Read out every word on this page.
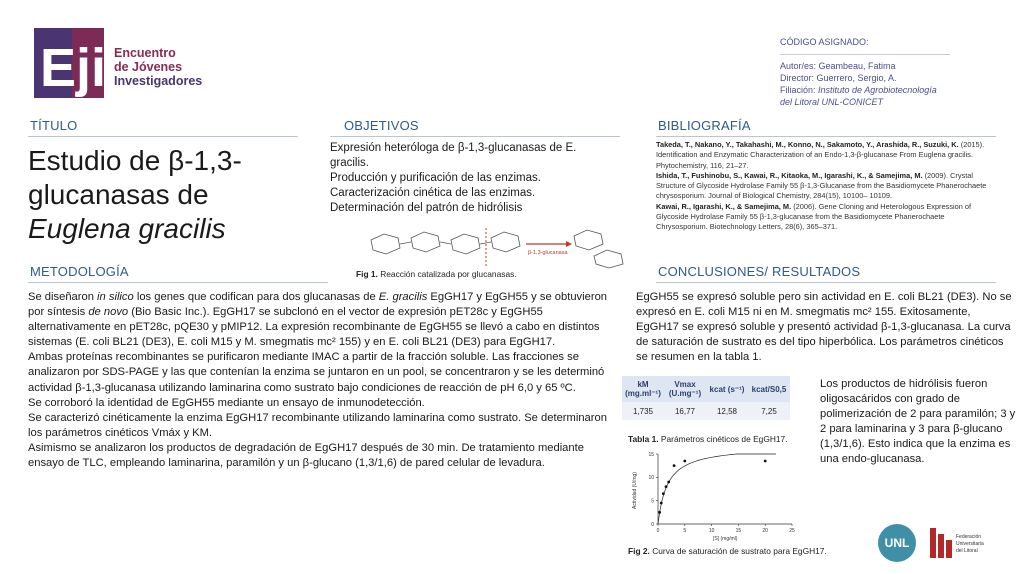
Eji Encuentro
de Jóvenes
Investigadores
CÓDIGO ASIGNADO:
Autor/es: Geambeau, Fatima
Director: Guerrero, Sergio, A.
Filiación: Instituto de Agrobiotecnología del Litoral UNL-CONICET
TÍTULO	OBJETIVOS	BIBLIOGRAFÍA
METODOLOGÍA	CONCLUSIONES/ RESULTADOS
Estudio de β-1,3-
glucanasas de
Euglena gracilis

Expresión heteróloga de β-1,3-glucanasas de E. gracilis.

Producción y purificación de las enzimas.

Caracterización cinética de las enzimas.

Determinación del patrón de hidrólisis

β-1,3-glucanasa
Fig 1. Reacción catalizada por glucanasas.

Takeda, T., Nakano, Y., Takahashi, M., Konno, N., Sakamoto, Y., Arashida, R., Suzuki, K. (2015). Identification and Enzymatic Characterization of an Endo-1,3-β-glucanase From Euglena gracilis. Phytochemistry, 116, 21–27.

Ishida, T., Fushinobu, S., Kawai, R., Kitaoka, M., Igarashi, K., & Samejima, M. (2009). Crystal Structure of Glycoside Hydrolase Family 55 β-1,3-Glucanase from the Basidiomycete Phanerochaete chrysosporium. Journal of Biological Chemistry, 284(15), 10100– 10109.

Kawai, R., Igarashi, K., & Samejima, M. (2006). Gene Cloning and Heterologous Expression of Glycoside Hydrolase Family 55 β-1,3-glucanase from the Basidiomycete Phanerochaete Chrysosporium. Biotechnology Letters, 28(6), 365–371.

Se diseñaron in silico los genes que codifican para dos glucanasas de E. gracilis EgGH17 y EgGH55 y se obtuvieron por síntesis de novo (Bio Basic Inc.). EgGH17 se subclonó en el vector de expresión pET28c y EgGH55 alternativamente en pET28c, pQE30 y pMIP12. La expresión recombinante de EgGH55 se llevó a cabo en distintos sistemas (E. coli BL21 (DE3), E. coli M15 y M. smegmatis mc² 155) y en E. coli BL21 (DE3) para EgGH17.

Ambas proteínas recombinantes se purificaron mediante IMAC a partir de la fracción soluble. Las fracciones se analizaron por SDS-PAGE y las que contenían la enzima se juntaron en un pool, se concentraron y se les determinó actividad β-1,3-glucanasa utilizando laminarina como sustrato bajo condiciones de reacción de pH 6,0 y 65 ºC.

Se corroboró la identidad de EgGH55 mediante un ensayo de inmunodetección.

Se caracterizó cinéticamente la enzima EgGH17 recombinante utilizando laminarina como sustrato. Se determinaron los parámetros cinéticos Vmáx y KM.

Asimismo se analizaron los productos de degradación de EgGH17 después de 30 min. De tratamiento mediante ensayo de TLC, empleando laminarina, paramilón y un β-glucano (1,3/1,6) de pared celular de levadura.

EgGH55 se expresó soluble pero sin actividad en E. coli BL21 (DE3). No se expresó en E. coli M15 ni en M. smegmatis mc² 155. Exitosamente, EgGH17 se expresó soluble y presentó actividad β-1,3-glucanasa. La curva de saturación de sustrato es del tipo hiperbólica. Los parámetros cinéticos se resumen en la tabla 1.
Los productos de hidrólisis fueron oligosacáridos con grado de polimerización de 2 para paramilón; 3 y 2 para laminarina y 3 para β-glucano (1,3/1,6). Esto indica que la enzima es una endo-glucanasa.
kM (mg.ml⁻¹)	Vmax (U.mg⁻¹)	kcat (s⁻¹)	kcat/S0,5
1,735	16,77	12,58	7,25
Tabla 1. Parámetros cinéticos de EgGH17.
Actividad (U/mg)
[S] (mg/ml)
0	5	10	15	20	25
0
5
10
15
Fig 2. Curva de saturación de sustrato para EgGH17.
UNL	Federación
Universitaria
del Litoral
